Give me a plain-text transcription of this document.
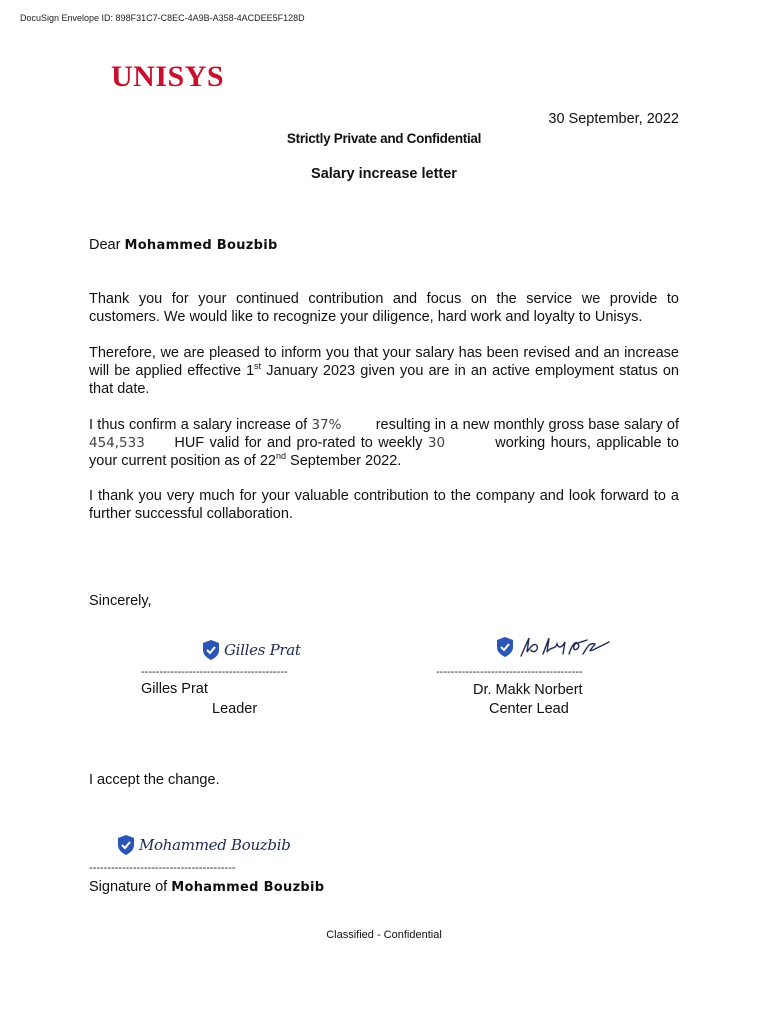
DocuSign Envelope ID: 898F31C7-C8EC-4A9B-A358-4ACDEE5F128D
UNISYS
30 September, 2022
Strictly Private and Confidential
Salary increase letter
Dear Mohammed Bouzbib
Thank you for your continued contribution and focus on the service we provide to customers. We would like to recognize your diligence, hard work and loyalty to Unisys.
Therefore, we are pleased to inform you that your salary has been revised and an increase will be applied effective 1st January 2023 given you are in an active employment status on that date.
I thus confirm a salary increase of 37% resulting in a new monthly gross base salary of454,533 HUF valid for and pro-rated to weekly 30	working hours, applicable to your current position as of 22nd September 2022.
I thank you very much for your valuable contribution to the company and look forward to a further successful collaboration.
Sincerely,
Gilles Prat
----------------------------------------	----------------------------------------
Gilles Prat
Leader
Dr. Makk Norbert
Center Lead
I accept the change.
Mohammed Bouzbib
----------------------------------------
Signature of Mohammed Bouzbib
Classified - Confidential
